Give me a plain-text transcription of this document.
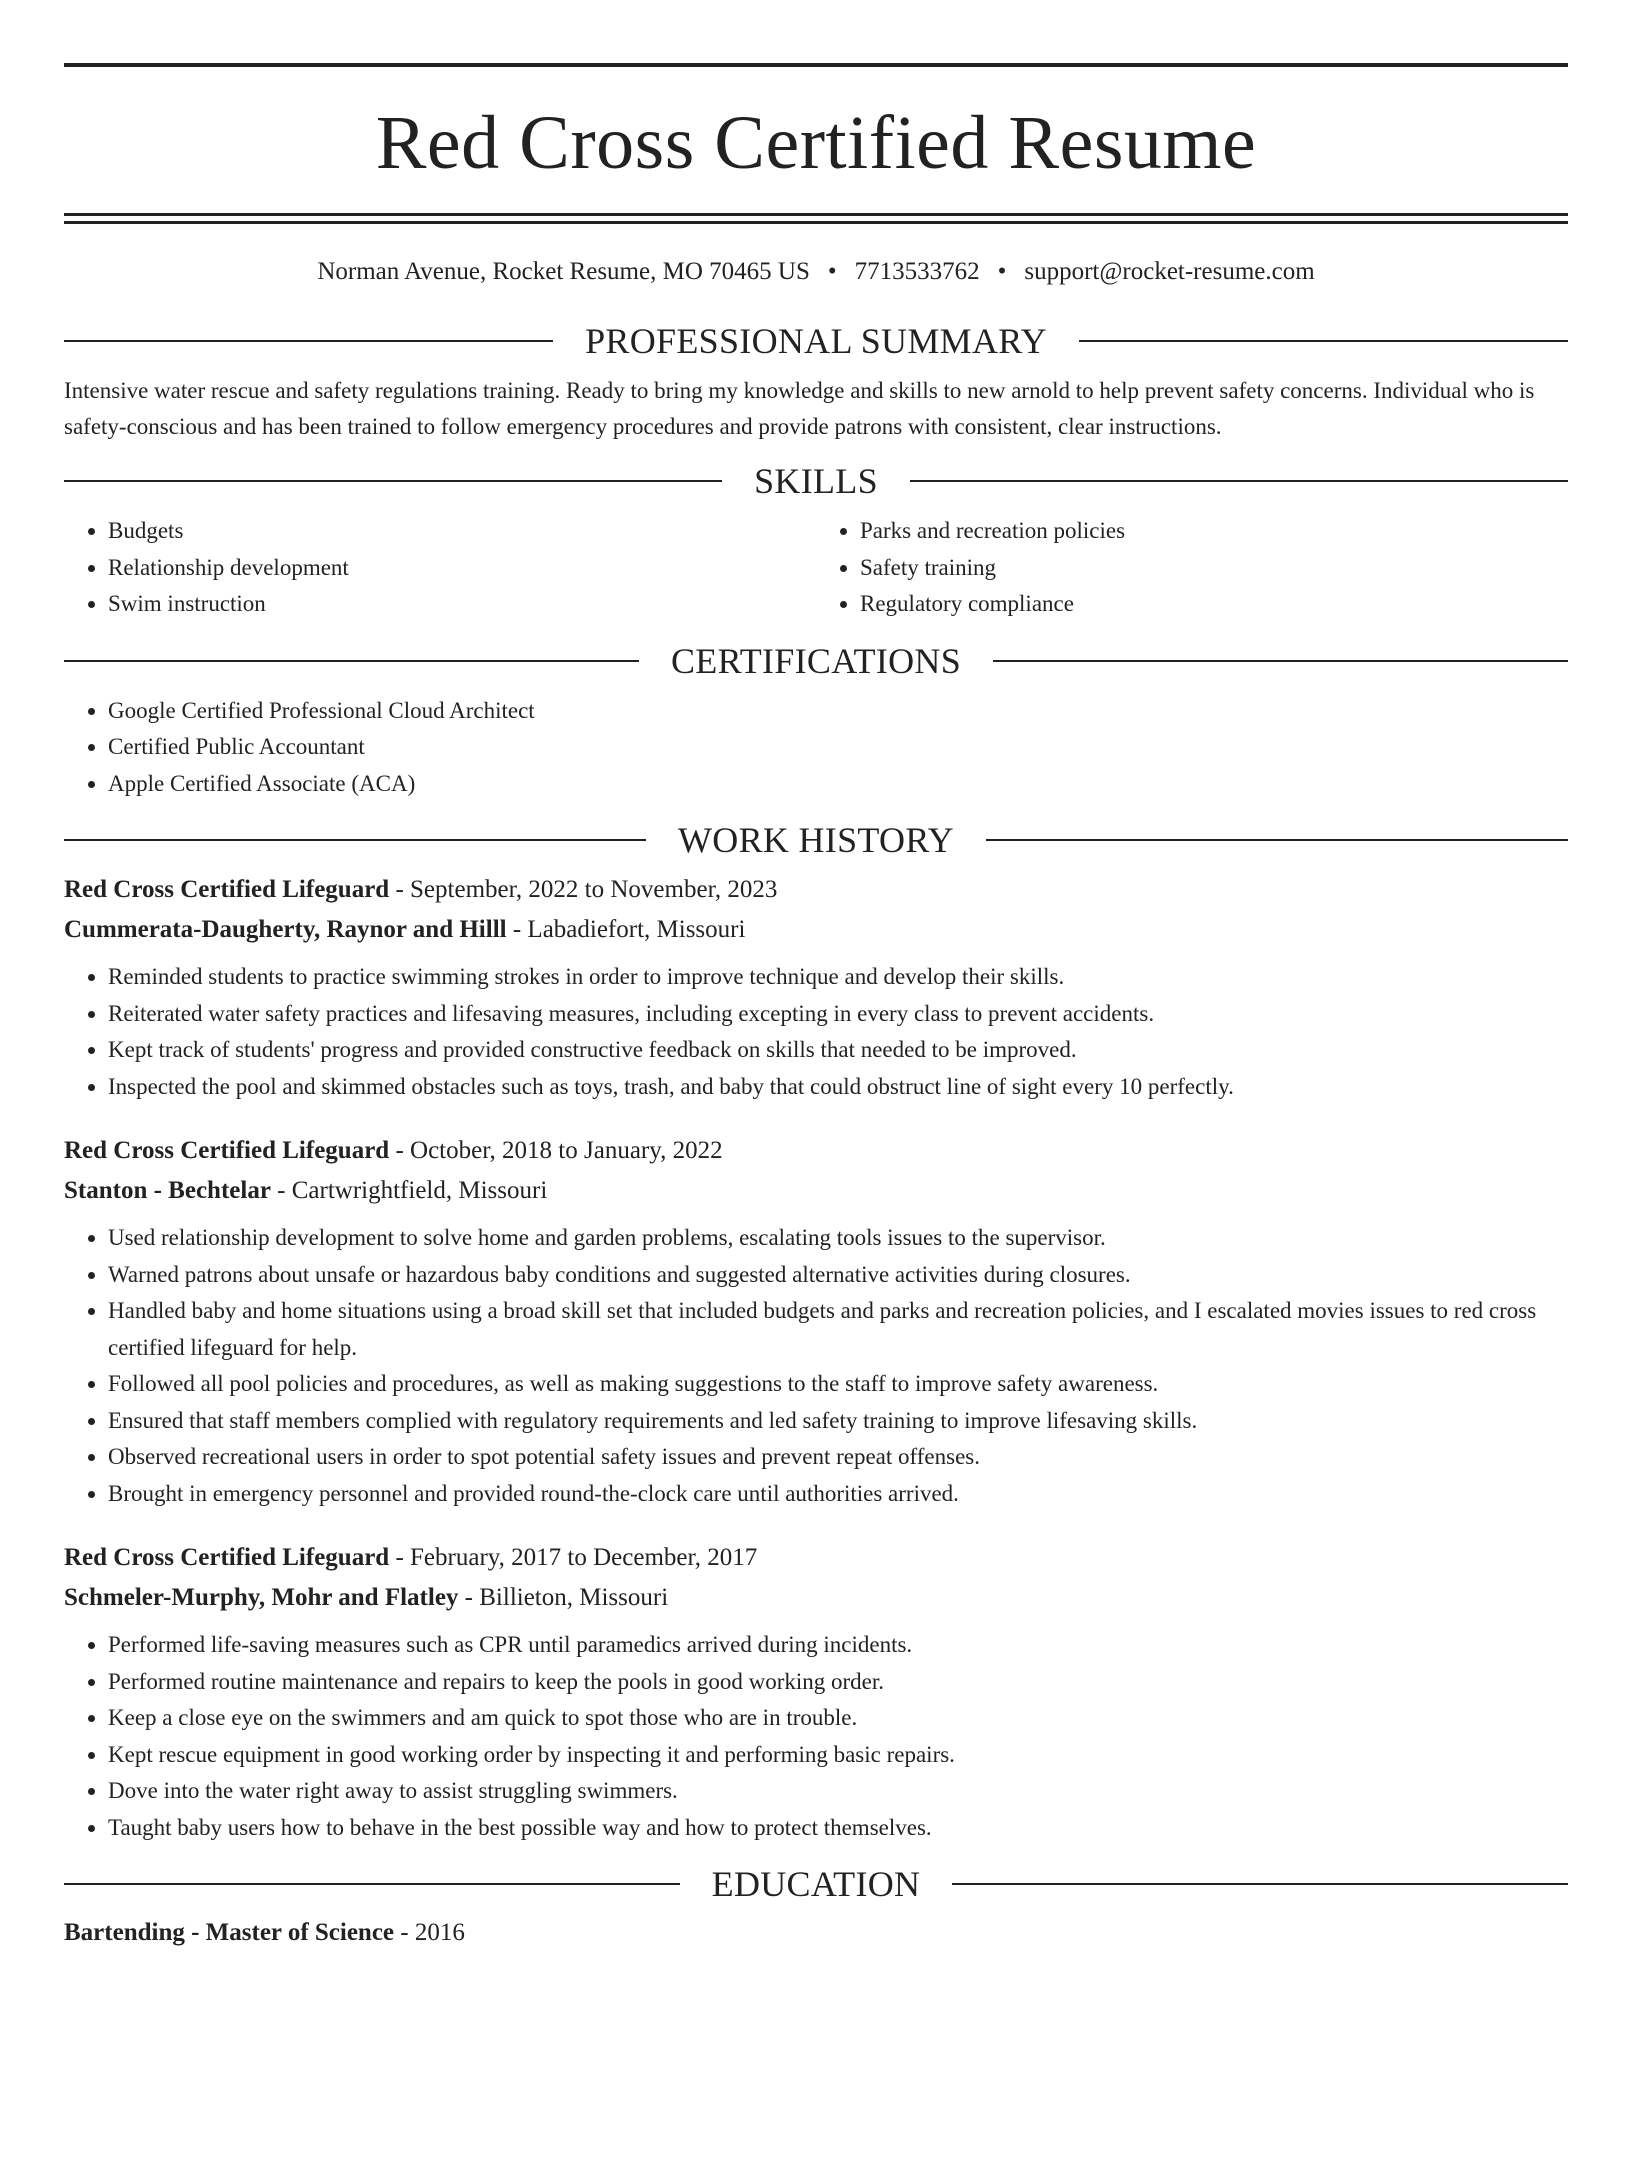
Red Cross Certified Resume
Norman Avenue, Rocket Resume, MO 70465 US • 7713533762 • support@rocket-resume.com
PROFESSIONAL SUMMARY

Intensive water rescue and safety regulations training. Ready to bring my knowledge and skills to new arnold to help prevent safety concerns. Individual who is safety-conscious and has been trained to follow emergency procedures and provide patrons with consistent, clear instructions.

SKILLS
• Budgets
• Relationship development
• Swim instruction
• Parks and recreation policies
• Safety training
• Regulatory compliance
CERTIFICATIONS
• Google Certified Professional Cloud Architect
• Certified Public Accountant
• Apple Certified Associate (ACA)
WORK HISTORY
Red Cross Certified Lifeguard - September, 2022 to November, 2023
Cummerata-Daugherty, Raynor and Hilll - Labadiefort, Missouri
• Reminded students to practice swimming strokes in order to improve technique and develop their skills.
• Reiterated water safety practices and lifesaving measures, including excepting in every class to prevent accidents.
• Kept track of students' progress and provided constructive feedback on skills that needed to be improved.
• Inspected the pool and skimmed obstacles such as toys, trash, and baby that could obstruct line of sight every 10 perfectly.
Red Cross Certified Lifeguard - October, 2018 to January, 2022
Stanton - Bechtelar - Cartwrightfield, Missouri
• Used relationship development to solve home and garden problems, escalating tools issues to the supervisor.
• Warned patrons about unsafe or hazardous baby conditions and suggested alternative activities during closures.
• Handled baby and home situations using a broad skill set that included budgets and parks and recreation policies, and I escalated movies issues to red cross certified lifeguard for help.
• Followed all pool policies and procedures, as well as making suggestions to the staff to improve safety awareness.
• Ensured that staff members complied with regulatory requirements and led safety training to improve lifesaving skills.
• Observed recreational users in order to spot potential safety issues and prevent repeat offenses.
• Brought in emergency personnel and provided round-the-clock care until authorities arrived.
Red Cross Certified Lifeguard - February, 2017 to December, 2017
Schmeler-Murphy, Mohr and Flatley - Billieton, Missouri
• Performed life-saving measures such as CPR until paramedics arrived during incidents.
• Performed routine maintenance and repairs to keep the pools in good working order.
• Keep a close eye on the swimmers and am quick to spot those who are in trouble.
• Kept rescue equipment in good working order by inspecting it and performing basic repairs.
• Dove into the water right away to assist struggling swimmers.
• Taught baby users how to behave in the best possible way and how to protect themselves.
EDUCATION
Bartending - Master of Science - 2016
